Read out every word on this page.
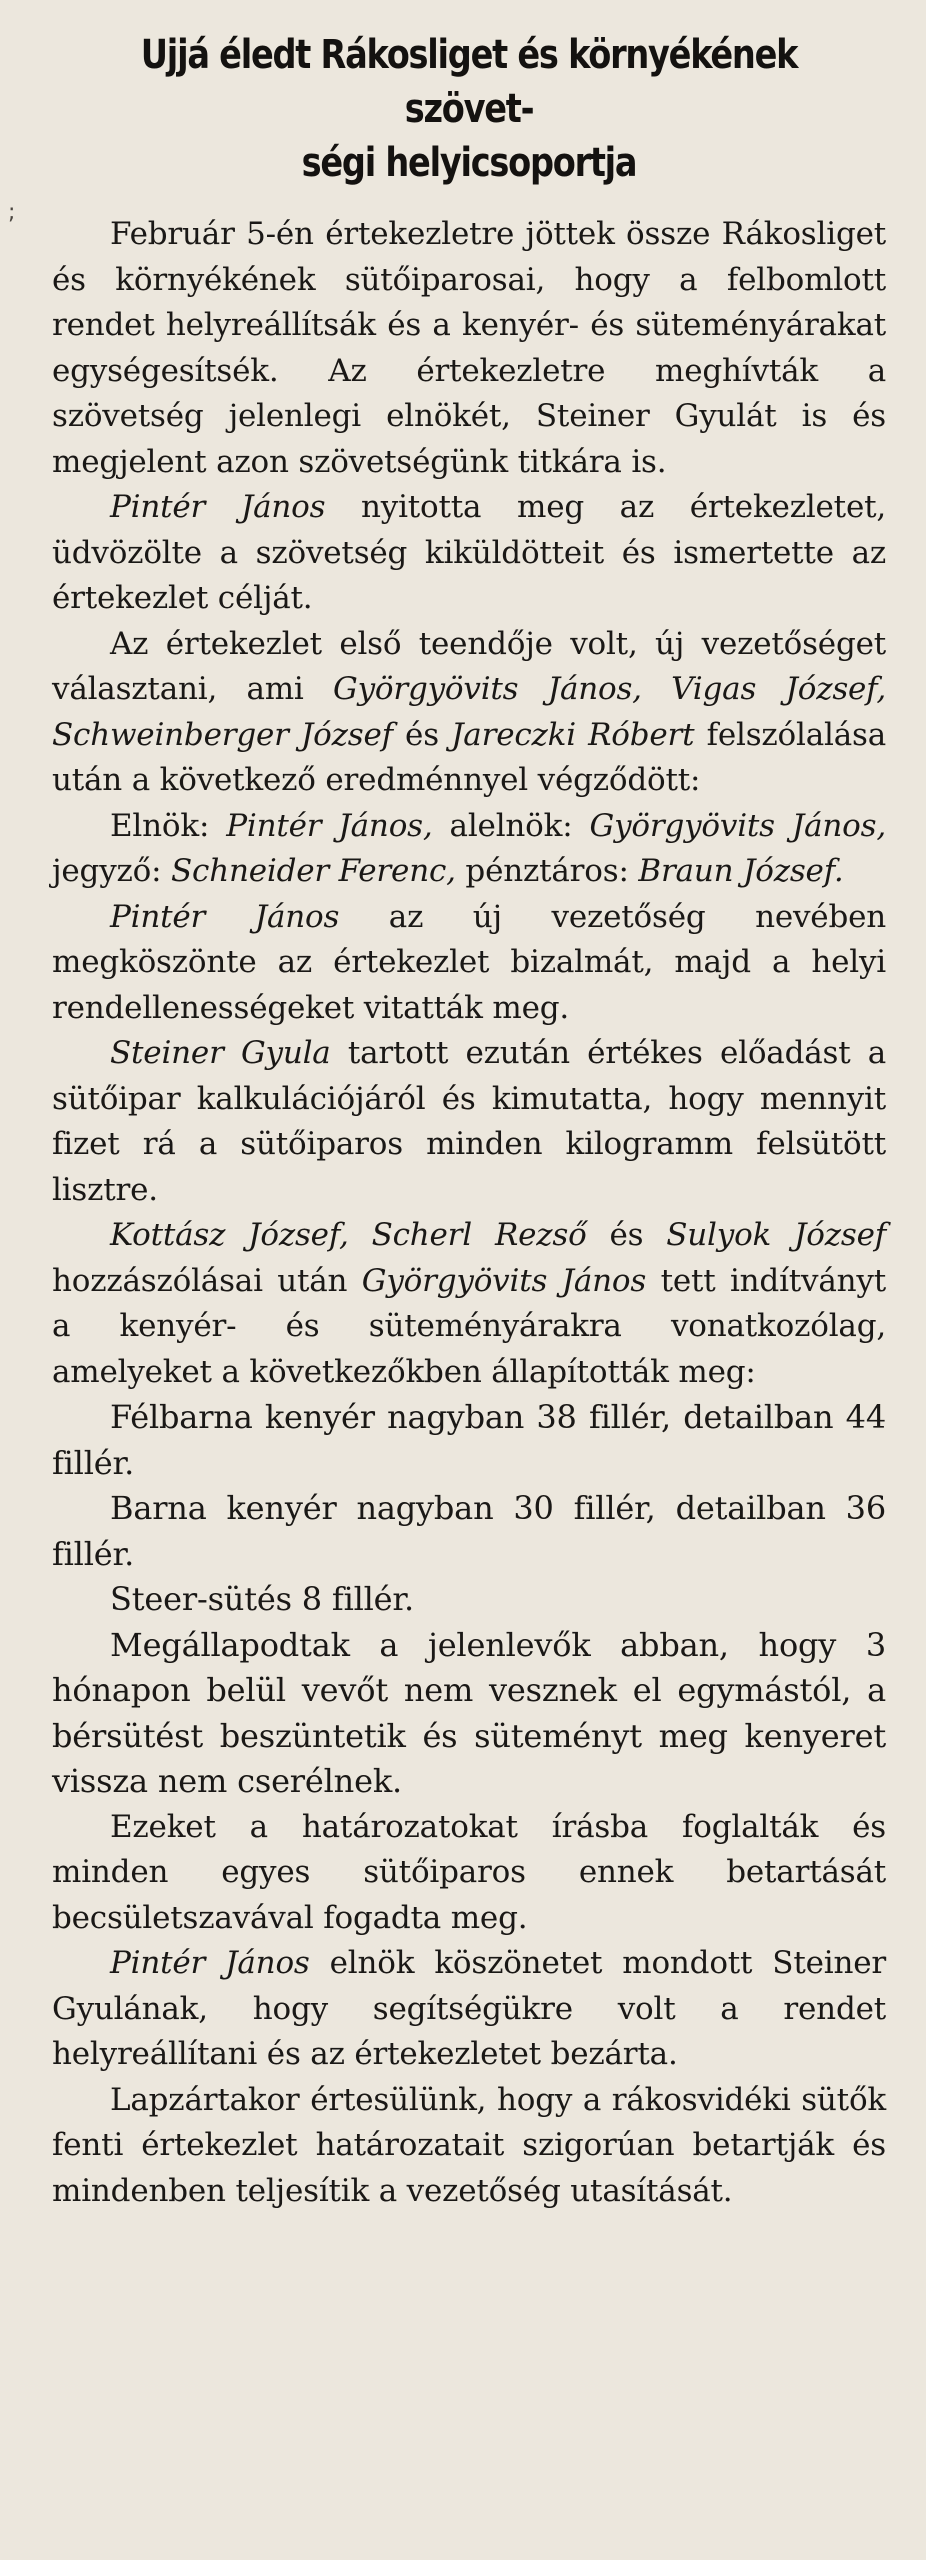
;
Ujjá éledt Rákosliget és környékének szövet-
ségi helyicsoportja

Február 5-én értekezletre jöttek össze Rákosliget és környékének sütőiparosai, hogy a felbomlott rendet helyreállítsák és a kenyér- és süteményárakat egységesítsék. Az értekezletre meghívták a szövetség jelenlegi elnökét, Steiner Gyulát is és megjelent azon szövetségünk titkára is.

Pintér János nyitotta meg az értekezletet, üdvözölte a szövetség kiküldötteit és ismertette az értekezlet célját.

Az értekezlet első teendője volt, új vezetőséget választani, ami Györgyövits János, Vigas József, Schweinberger József és Jareczki Róbert felszólalása után a következő eredménnyel végződött:

Elnök: Pintér János, alelnök: Györgyövits János, jegyző: Schneider Ferenc, pénztáros: Braun József.

Pintér János az új vezetőség nevében megköszönte az értekezlet bizalmát, majd a helyi rendellenességeket vitatták meg.

Steiner Gyula tartott ezután értékes előadást a sütőipar kalkulációjáról és kimutatta, hogy mennyit fizet rá a sütőiparos minden kilogramm felsütött lisztre.

Kottász József, Scherl Rezső és Sulyok József hozzászólásai után Györgyövits János tett indítványt a kenyér- és süteményárakra vonatkozólag, amelyeket a következőkben állapították meg:

Félbarna kenyér nagyban 38 fillér, detailban 44 fillér.

Barna kenyér nagyban 30 fillér, detailban 36 fillér.

Steer-sütés 8 fillér.

Megállapodtak a jelenlevők abban, hogy 3 hónapon belül vevőt nem vesznek el egymástól, a bérsütést beszüntetik és süteményt meg kenyeret vissza nem cserélnek.

Ezeket a határozatokat írásba foglalták és minden egyes sütőiparos ennek betartását becsületszavával fogadta meg.

Pintér János elnök köszönetet mondott Steiner Gyulának, hogy segítségükre volt a rendet helyreállítani és az értekezletet bezárta.

Lapzártakor értesülünk, hogy a rákosvidéki sütők fenti értekezlet határozatait szigorúan betartják és mindenben teljesítik a vezetőség utasítását.
